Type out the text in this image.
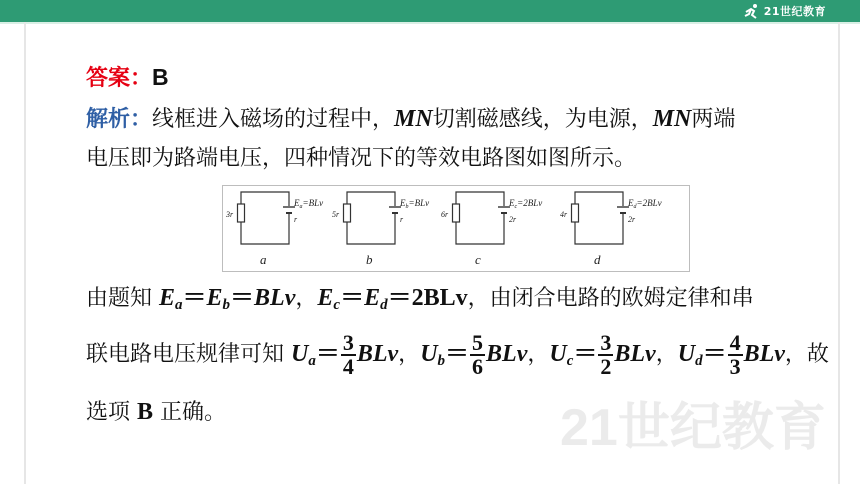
21世纪教育
答案：B
解析：线框进入磁场的过程中，MN切割磁感线，为电源，MN两端
电压即为路端电压，四种情况下的等效电路图如图所示。
3r
$E_a=BLv$
r
a
5r
$E_b=BLv$
r
b
6r
$E_c=2BLv$
2r
c
4r
$E_d=2BLv$
2r
d
由题知 $E_a=E_b=BLv$，$E_c=E_d=2BLv$，由闭合电路的欧姆定律和串
联电路电压规律可知 $U_a= \frac{3}{4}$ BLv，$U_b= \frac{5}{6}$ BLv，$U_c= \frac{3}{2}$ BLv，$U_d= \frac{4}{3}$ BLv，故
选项 B 正确。	21世纪教育
